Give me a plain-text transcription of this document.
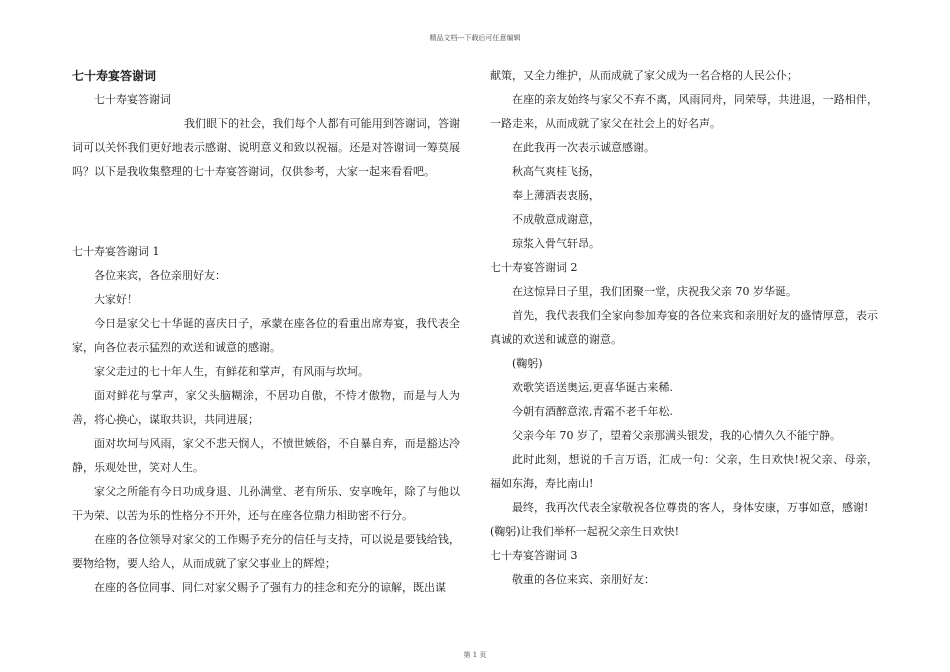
精品文档---下载后可任意编辑

七十寿宴答谢词

七十寿宴答谢词

我们眼下的社会，我们每个人都有可能用到答谢词，答谢词可以关怀我们更好地表示感谢、说明意义和致以祝福。还是对答谢词一筹莫展吗？以下是我收集整理的七十寿宴答谢词，仅供参考，大家一起来看看吧。

七十寿宴答谢词 1

各位来宾，各位亲朋好友：

大家好！

今日是家父七十华诞的喜庆日子，承蒙在座各位的看重出席寿宴，我代表全家，向各位表示猛烈的欢送和诚意的感谢。

家父走过的七十年人生，有鲜花和掌声，有风雨与坎坷。

面对鲜花与掌声，家父头脑糊涂，不居功自傲，不恃才傲物，而是与人为善，将心换心，谋取共识，共同进展；

面对坎坷与风雨，家父不悲天悯人，不愤世嫉俗，不自暴自弃，而是豁达冷静，乐观处世，笑对人生。

家父之所能有今日功成身退、儿孙满堂、老有所乐、安享晚年，除了与他以干为荣、以苦为乐的性格分不开外，还与在座各位鼎力相助密不行分。

在座的各位领导对家父的工作赐予充分的信任与支持，可以说是要钱给钱，要物给物，要人给人，从而成就了家父事业上的辉煌；

在座的各位同事、同仁对家父赐予了强有力的挂念和充分的谅解，既出谋

献策，又全力维护，从而成就了家父成为一名合格的人民公仆；

在座的亲友始终与家父不弃不离，风雨同舟，同荣辱，共进退，一路相伴，一路走来，从而成就了家父在社会上的好名声。

在此我再一次表示诚意感谢。

秋高气爽桂飞扬，

奉上薄酒表衷肠，

不成敬意成谢意，

琼浆入骨气轩昂。

七十寿宴答谢词 2

在这惊异日子里，我们团聚一堂，庆祝我父亲 70 岁华诞。

首先，我代表我们全家向参加寿宴的各位来宾和亲朋好友的盛情厚意，表示真诚的欢送和诚意的谢意。

(鞠躬)

欢歌笑语送奥运,更喜华诞古来稀.

今朝有酒醉意浓,青霜不老千年松.

父亲今年 70 岁了，望着父亲那满头银发，我的心情久久不能宁静。

此时此刻，想说的千言万语，汇成一句：父亲，生日欢快!祝父亲、母亲，福如东海，寿比南山!

最终，我再次代表全家敬祝各位尊贵的客人，身体安康，万事如意，感谢!

(鞠躬)让我们举杯一起祝父亲生日欢快!

七十寿宴答谢词 3

敬重的各位来宾、亲朋好友：

第 1 页
